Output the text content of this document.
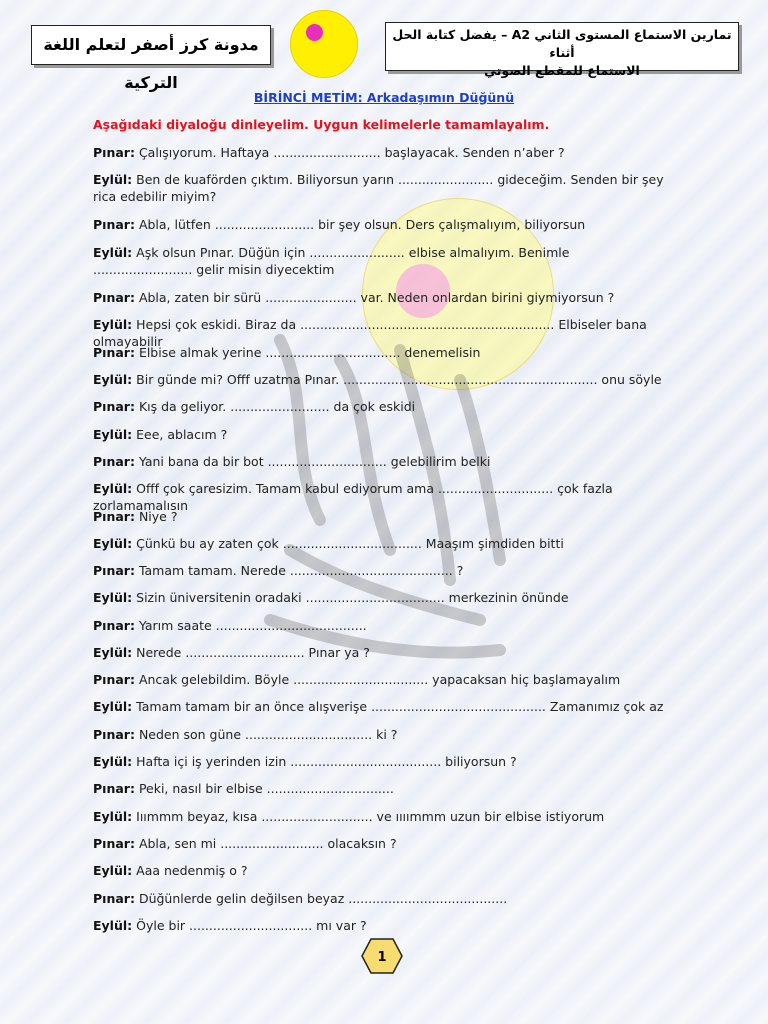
مدونة كرز أصفر لتعلم اللغة التركية
تمارين الاستماع المستوى الثاني A2 – يفضل كتابة الحل أثناء
الاستماع للمقطع الصوتي
BİRİNCİ METİM: Arkadaşımın Düğünü
Aşağıdaki diyaloğu dinleyelim. Uygun kelimelerle tamamlayalım.
Pınar: Çalışıyorum. Haftaya ........................... başlayacak. Senden n’aber ?
Eylül: Ben de kuaförden çıktım. Biliyorsun yarın ........................ gideceğim. Senden bir şey rica edebilir miyim?
Pınar: Abla, lütfen ......................... bir şey olsun. Ders çalışmalıyım, biliyorsun
Eylül: Aşk olsun Pınar. Düğün için ........................ elbise almalıyım. Benimle ......................... gelir misin diyecektim
Pınar: Abla, zaten bir sürü ....................... var. Neden onlardan birini giymiyorsun ?
Eylül: Hepsi çok eskidi. Biraz da ................................................................ Elbiseler bana olmayabilir
Pınar: Elbise almak yerine .................................. denemelisin
Eylül: Bir günde mi? Offf uzatma Pınar. ................................................................ onu söyle
Pınar: Kış da geliyor. ......................... da çok eskidi
Eylül: Eee, ablacım ?
Pınar: Yani bana da bir bot .............................. gelebilirim belki
Eylül: Offf çok çaresizim. Tamam kabul ediyorum ama ............................. çok fazla zorlamamalısın
Pınar: Niye ?
Eylül: Çünkü bu ay zaten çok ................................... Maaşım şimdiden bitti
Pınar: Tamam tamam. Nerede ......................................... ?
Eylül: Sizin üniversitenin oradaki ................................... merkezinin önünde
Pınar: Yarım saate ......................................
Eylül: Nerede .............................. Pınar ya ?
Pınar: Ancak gelebildim. Böyle .................................. yapacaksan hiç başlamayalım
Eylül: Tamam tamam bir an önce alışverişe ............................................ Zamanımız çok az
Pınar: Neden son güne ................................ ki ?
Eylül: Hafta içi iş yerinden izin ...................................... biliyorsun ?
Pınar: Peki, nasıl bir elbise ................................
Eylül: Iıımmm beyaz, kısa ............................ ve ıııımmm uzun bir elbise istiyorum
Pınar: Abla, sen mi .......................... olacaksın ?
Eylül: Aaa nedenmiş o ?
Pınar: Düğünlerde gelin değilsen beyaz ........................................
Eylül: Öyle bir ............................... mı var ?
1
